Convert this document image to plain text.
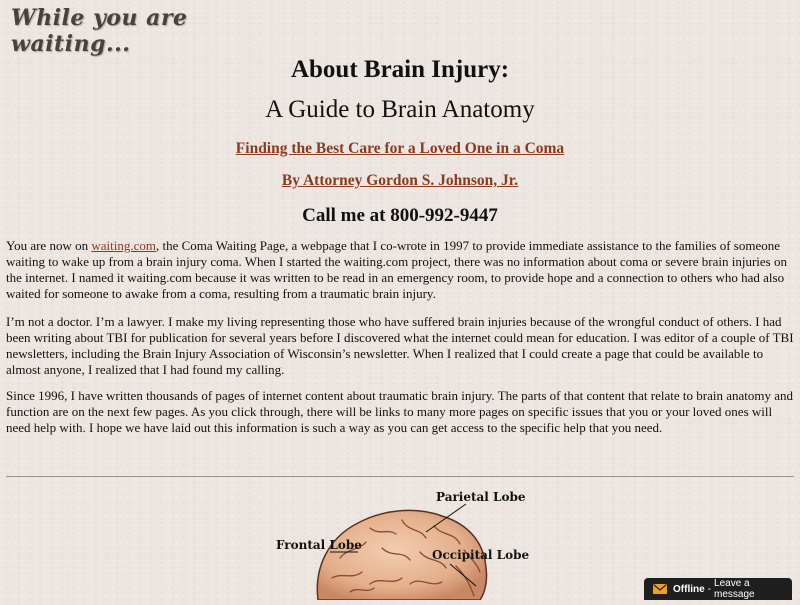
While you are waiting...
About Brain Injury:
A Guide to Brain Anatomy
Finding the Best Care for a Loved One in a Coma
By Attorney Gordon S. Johnson, Jr.
Call me at 800-992-9447

You are now on waiting.com, the Coma Waiting Page, a webpage that I co-wrote in 1997 to provide immediate assistance to the families of someone waiting to wake up from a brain injury coma. When I started the waiting.com project, there was no information about coma or severe brain injuries on the internet. I named it waiting.com because it was written to be read in an emergency room, to provide hope and a connection to others who had also waited for someone to awake from a coma, resulting from a traumatic brain injury.

I’m not a doctor. I’m a lawyer. I make my living representing those who have suffered brain injuries because of the wrongful conduct of others. I had been writing about TBI for publication for several years before I discovered what the internet could mean for education. I was editor of a couple of TBI newsletters, including the Brain Injury Association of Wisconsin’s newsletter. When I realized that I could create a page that could be available to almost anyone, I realized that I had found my calling.

Since 1996, I have written thousands of pages of internet content about traumatic brain injury. The parts of that content that relate to brain anatomy and function are on the next few pages. As you click through, there will be links to many more pages on specific issues that you or your loved ones will need help with. I hope we have laid out this information is such a way as you can get access to the specific help that you need.

Parietal Lobe
Frontal Lobe
Occipital Lobe
Offline - Leave a message
